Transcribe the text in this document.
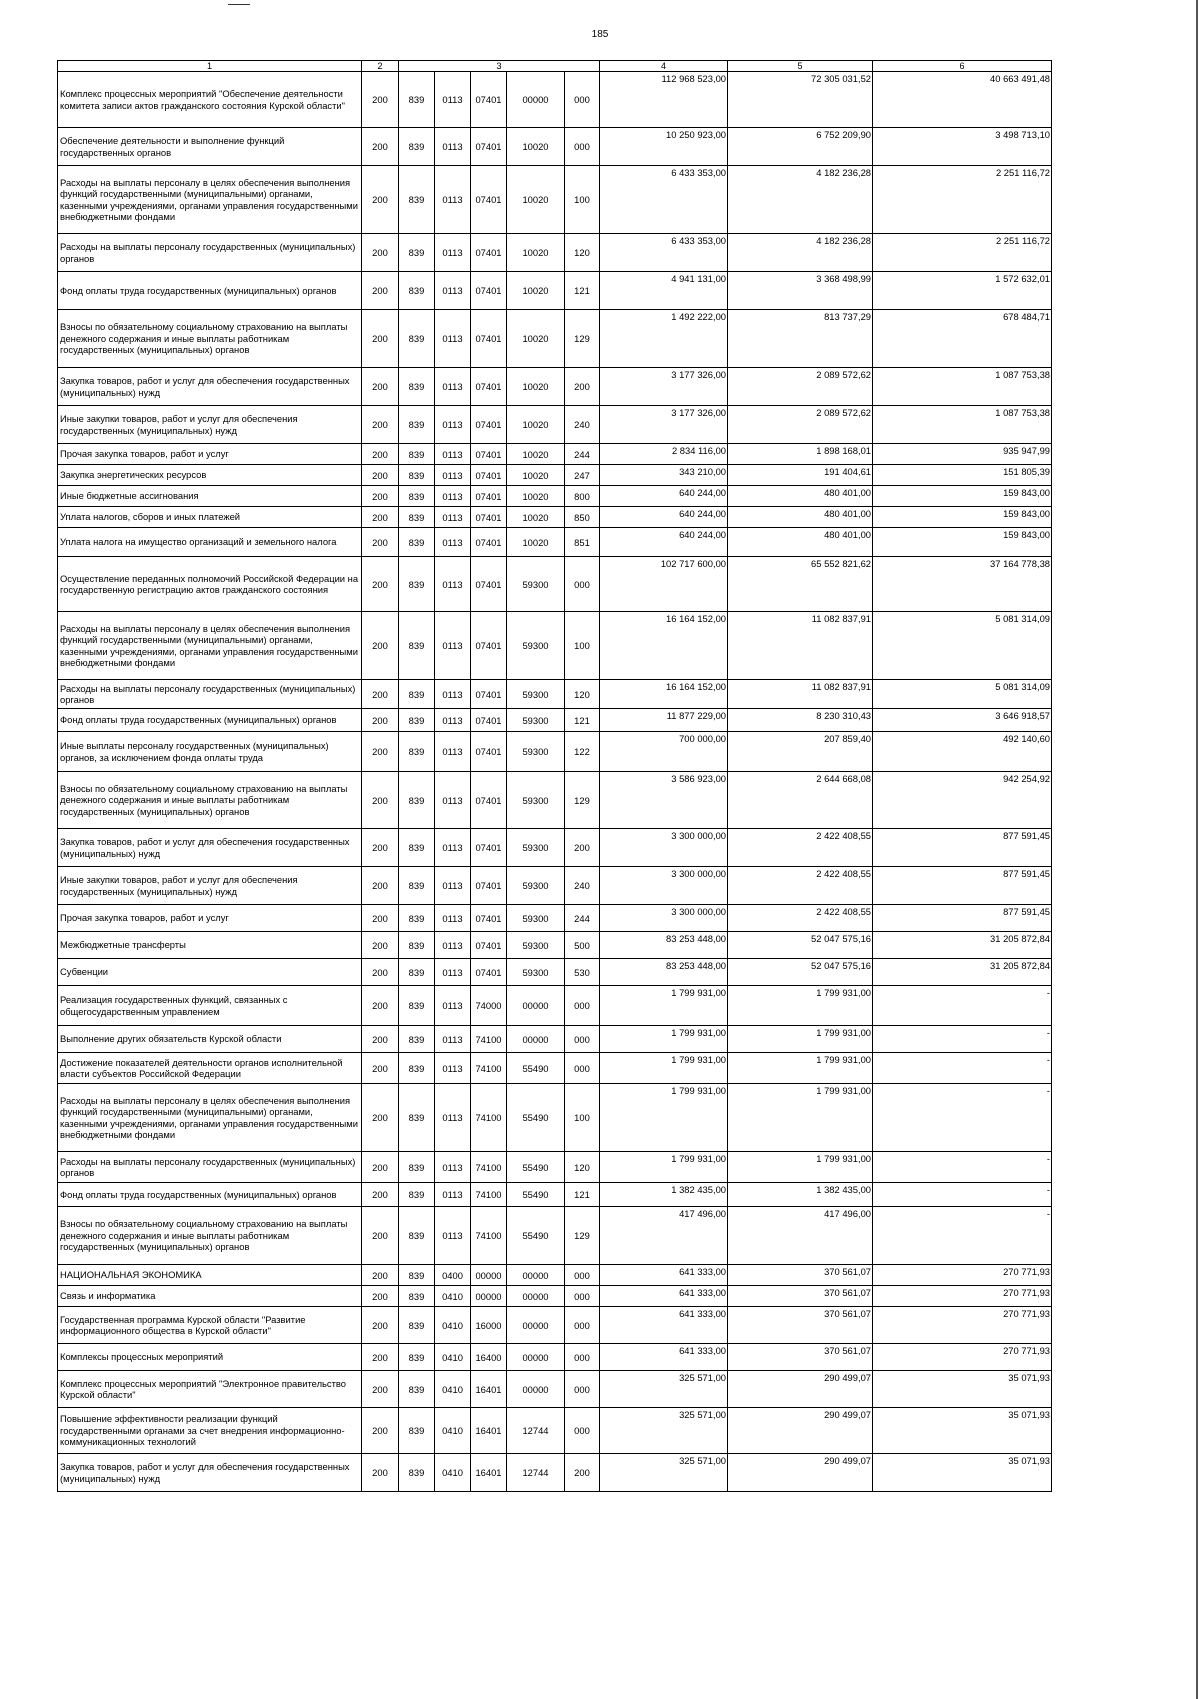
185
1	2	3					4	5	6
Комплекс процессных мероприятий "Обеспечение деятельности комитета записи актов гражданского состояния Курской области"	200	839	0113	07401	00000	000	112 968 523,00	72 305 031,52	40 663 491,48
Обеспечение деятельности и выполнение функций государственных органов	200	839	0113	07401	10020	000	10 250 923,00	6 752 209,90	3 498 713,10
Расходы на выплаты персоналу в целях обеспечения выполнения функций государственными (муниципальными) органами, казенными учреждениями, органами управления государственными внебюджетными фондами	200	839	0113	07401	10020	100	6 433 353,00	4 182 236,28	2 251 116,72
Расходы на выплаты персоналу государственных (муниципальных) органов	200	839	0113	07401	10020	120	6 433 353,00	4 182 236,28	2 251 116,72
Фонд оплаты труда государственных (муниципальных) органов	200	839	0113	07401	10020	121	4 941 131,00	3 368 498,99	1 572 632,01
Взносы по обязательному социальному страхованию на выплаты денежного содержания и иные выплаты работникам государственных (муниципальных) органов	200	839	0113	07401	10020	129	1 492 222,00	813 737,29	678 484,71
Закупка товаров, работ и услуг для обеспечения государственных (муниципальных) нужд	200	839	0113	07401	10020	200	3 177 326,00	2 089 572,62	1 087 753,38
Иные закупки товаров, работ и услуг для обеспечения государственных (муниципальных) нужд	200	839	0113	07401	10020	240	3 177 326,00	2 089 572,62	1 087 753,38
Прочая закупка товаров, работ и услуг	200	839	0113	07401	10020	244	2 834 116,00	1 898 168,01	935 947,99
Закупка энергетических ресурсов	200	839	0113	07401	10020	247	343 210,00	191 404,61	151 805,39
Иные бюджетные ассигнования	200	839	0113	07401	10020	800	640 244,00	480 401,00	159 843,00
Уплата налогов, сборов и иных платежей	200	839	0113	07401	10020	850	640 244,00	480 401,00	159 843,00
Уплата налога на имущество организаций и земельного налога	200	839	0113	07401	10020	851	640 244,00	480 401,00	159 843,00
Осуществление переданных полномочий Российской Федерации на государственную регистрацию актов гражданского состояния	200	839	0113	07401	59300	000	102 717 600,00	65 552 821,62	37 164 778,38
Расходы на выплаты персоналу в целях обеспечения выполнения функций государственными (муниципальными) органами, казенными учреждениями, органами управления государственными внебюджетными фондами	200	839	0113	07401	59300	100	16 164 152,00	11 082 837,91	5 081 314,09
Расходы на выплаты персоналу государственных (муниципальных) органов	200	839	0113	07401	59300	120	16 164 152,00	11 082 837,91	5 081 314,09
Фонд оплаты труда государственных (муниципальных) органов	200	839	0113	07401	59300	121	11 877 229,00	8 230 310,43	3 646 918,57
Иные выплаты персоналу государственных (муниципальных) органов, за исключением фонда оплаты труда	200	839	0113	07401	59300	122	700 000,00	207 859,40	492 140,60
Взносы по обязательному социальному страхованию на выплаты денежного содержания и иные выплаты работникам государственных (муниципальных) органов	200	839	0113	07401	59300	129	3 586 923,00	2 644 668,08	942 254,92
Закупка товаров, работ и услуг для обеспечения государственных (муниципальных) нужд	200	839	0113	07401	59300	200	3 300 000,00	2 422 408,55	877 591,45
Иные закупки товаров, работ и услуг для обеспечения государственных (муниципальных) нужд	200	839	0113	07401	59300	240	3 300 000,00	2 422 408,55	877 591,45
Прочая закупка товаров, работ и услуг	200	839	0113	07401	59300	244	3 300 000,00	2 422 408,55	877 591,45
Межбюджетные трансферты	200	839	0113	07401	59300	500	83 253 448,00	52 047 575,16	31 205 872,84
Субвенции	200	839	0113	07401	59300	530	83 253 448,00	52 047 575,16	31 205 872,84
Реализация государственных функций, связанных с общегосударственным управлением	200	839	0113	74000	00000	000	1 799 931,00	1 799 931,00	-
Выполнение других обязательств Курской области	200	839	0113	74100	00000	000	1 799 931,00	1 799 931,00	-
Достижение показателей деятельности органов исполнительной власти субъектов Российской Федерации	200	839	0113	74100	55490	000	1 799 931,00	1 799 931,00	-
Расходы на выплаты персоналу в целях обеспечения выполнения функций государственными (муниципальными) органами, казенными учреждениями, органами управления государственными внебюджетными фондами	200	839	0113	74100	55490	100	1 799 931,00	1 799 931,00	-
Расходы на выплаты персоналу государственных (муниципальных) органов	200	839	0113	74100	55490	120	1 799 931,00	1 799 931,00	-
Фонд оплаты труда государственных (муниципальных) органов	200	839	0113	74100	55490	121	1 382 435,00	1 382 435,00	-
Взносы по обязательному социальному страхованию на выплаты денежного содержания и иные выплаты работникам государственных (муниципальных) органов	200	839	0113	74100	55490	129	417 496,00	417 496,00	-
НАЦИОНАЛЬНАЯ ЭКОНОМИКА	200	839	0400	00000	00000	000	641 333,00	370 561,07	270 771,93
Связь и информатика	200	839	0410	00000	00000	000	641 333,00	370 561,07	270 771,93
Государственная программа Курской области "Развитие информационного общества в Курской области"	200	839	0410	16000	00000	000	641 333,00	370 561,07	270 771,93
Комплексы процессных мероприятий	200	839	0410	16400	00000	000	641 333,00	370 561,07	270 771,93
Комплекс процессных мероприятий "Электронное правительство Курской области"	200	839	0410	16401	00000	000	325 571,00	290 499,07	35 071,93
Повышение эффективности реализации функций государственными органами за счет внедрения информационно-коммуникационных технологий	200	839	0410	16401	12744	000	325 571,00	290 499,07	35 071,93
Закупка товаров, работ и услуг для обеспечения государственных (муниципальных) нужд	200	839	0410	16401	12744	200	325 571,00	290 499,07	35 071,93
